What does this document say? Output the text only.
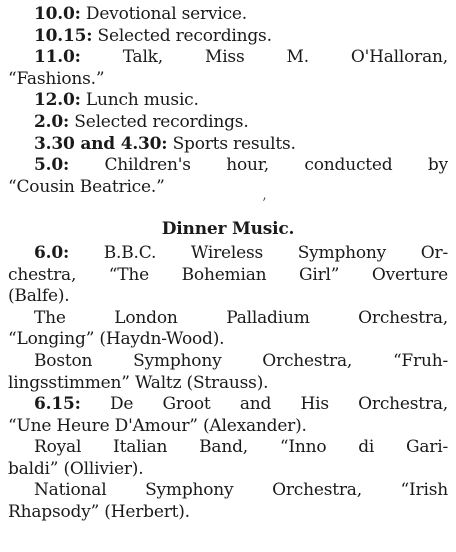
10.0: Devotional service.
10.15: Selected recordings.
11.0: Talk, Miss M. O'Halloran,
“Fashions.”
12.0: Lunch music.
2.0: Selected recordings.
3.30 and 4.30: Sports results.
5.0: Children's hour, conducted by
“Cousin Beatrice.”
Dinner Music.
6.0: B.B.C. Wireless Symphony Or-
chestra, “The Bohemian Girl” Overture
(Balfe).
The London Palladium Orchestra,
“Longing” (Haydn-Wood).
Boston Symphony Orchestra, “Fruh-
lingsstimmen” Waltz (Strauss).
6.15: De Groot and His Orchestra,
“Une Heure D'Amour” (Alexander).
Royal Italian Band, “Inno di Gari-
baldi” (Ollivier).
National Symphony Orchestra, “Irish
Rhapsody” (Herbert).
’
